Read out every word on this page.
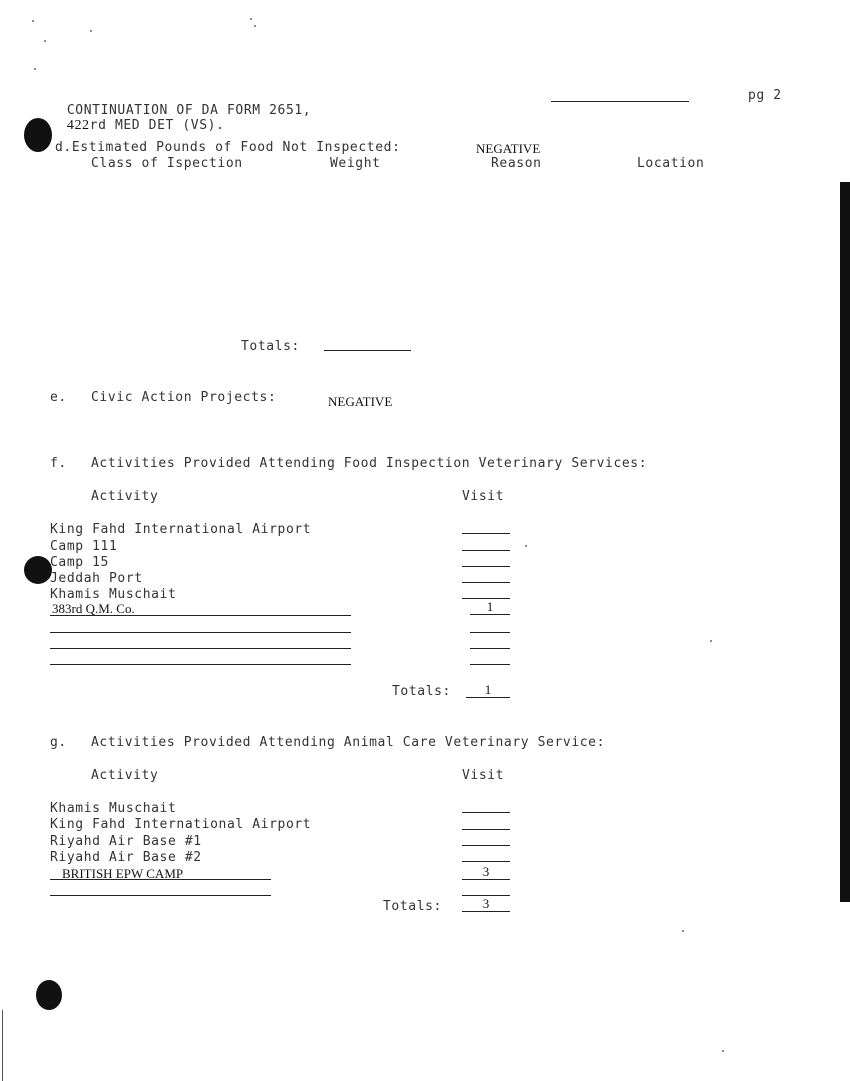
CONTINUATION OF DA FORM 2651,
422rd MED DET (VS).

pg 2
d.Estimated Pounds of Food Not Inspected:	NEGATIVE
Class of Ispection	Weight	Reason	Location
Totals:
e. Civic Action Projects:	NEGATIVE
f. Activities Provided Attending Food Inspection Veterinary Services:
Activity	Visit
King Fahd International Airport
Camp 111
Camp 15
Jeddah Port
Khamis Muschait
383rd Q.M. Co.	1
Totals:	1
g. Activities Provided Attending Animal Care Veterinary Service:
Activity	Visit
Khamis Muschait
King Fahd International Airport
Riyahd Air Base #1
Riyahd Air Base #2
BRITISH EPW CAMP	3
Totals:	3
